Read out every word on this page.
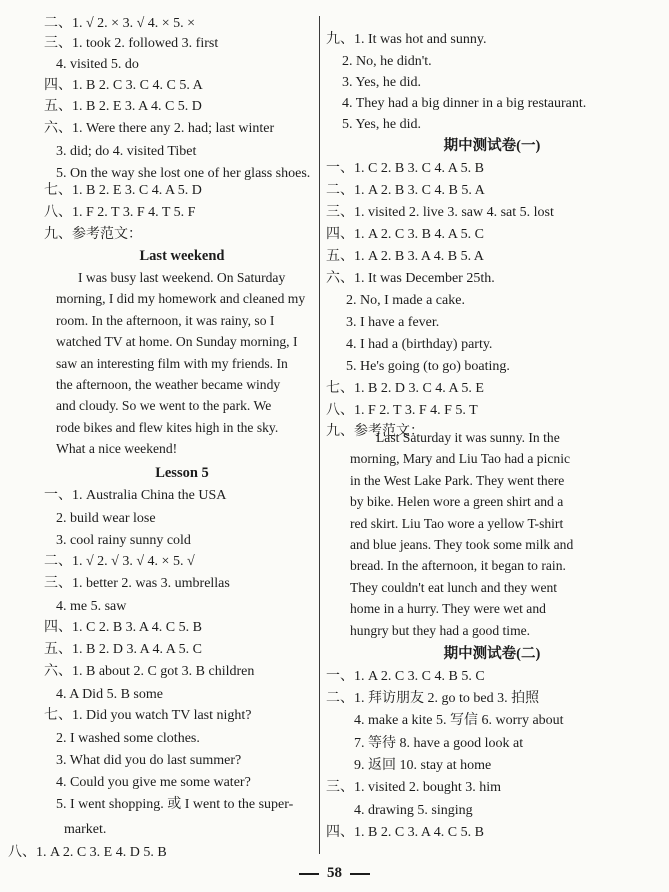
二、1. √ 2. × 3. √ 4. × 5. ×
三、1. took 2. followed 3. first
4. visited 5. do
四、1. B 2. C 3. C 4. C 5. A
五、1. B 2. E 3. A 4. C 5. D
六、1. Were there any 2. had; last winter
3. did; do 4. visited Tibet
5. On the way she lost one of her glass shoes.
七、1. B 2. E 3. C 4. A 5. D
八、1. F 2. T 3. F 4. T 5. F
九、参考范文：
Last weekend
I was busy last weekend. On Saturday
morning, I did my homework and cleaned my
room. In the afternoon, it was rainy, so I
watched TV at home. On Sunday morning, I
saw an interesting film with my friends. In
the afternoon, the weather became windy
and cloudy. So we went to the park. We
rode bikes and flew kites high in the sky.
What a nice weekend!
Lesson 5
一、1. Australia China the USA
2. build wear lose
3. cool rainy sunny cold
二、1. √ 2. √ 3. √ 4. × 5. √
三、1. better 2. was 3. umbrellas
4. me 5. saw
四、1. C 2. B 3. A 4. C 5. B
五、1. B 2. D 3. A 4. A 5. C
六、1. B about 2. C got 3. B children
4. A Did 5. B some
七、1. Did you watch TV last night?
2. I washed some clothes.
3. What did you do last summer?
4. Could you give me some water?
5. I went shopping. 或 I went to the super-
market.
八、1. A 2. C 3. E 4. D 5. B
九、1. It was hot and sunny.
2. No, he didn't.
3. Yes, he did.
4. They had a big dinner in a big restaurant.
5. Yes, he did.
期中测试卷(一)
一、1. C 2. B 3. C 4. A 5. B
二、1. A 2. B 3. C 4. B 5. A
三、1. visited 2. live 3. saw 4. sat 5. lost
四、1. A 2. C 3. B 4. A 5. C
五、1. A 2. B 3. A 4. B 5. A
六、1. It was December 25th.
2. No, I made a cake.
3. I have a fever.
4. I had a (birthday) party.
5. He's going (to go) boating.
七、1. B 2. D 3. C 4. A 5. E
八、1. F 2. T 3. F 4. F 5. T
九、参考范文：
Last Saturday it was sunny. In the
morning, Mary and Liu Tao had a picnic
in the West Lake Park. They went there
by bike. Helen wore a green shirt and a
red skirt. Liu Tao wore a yellow T-shirt
and blue jeans. They took some milk and
bread. In the afternoon, it began to rain.
They couldn't eat lunch and they went
home in a hurry. They were wet and
hungry but they had a good time.
期中测试卷(二)
一、1. A 2. C 3. C 4. B 5. C
二、1. 拜访朋友 2. go to bed 3. 拍照
4. make a kite 5. 写信 6. worry about
7. 等待 8. have a good look at
9. 返回 10. stay at home
三、1. visited 2. bought 3. him
4. drawing 5. singing
四、1. B 2. C 3. A 4. C 5. B
58
